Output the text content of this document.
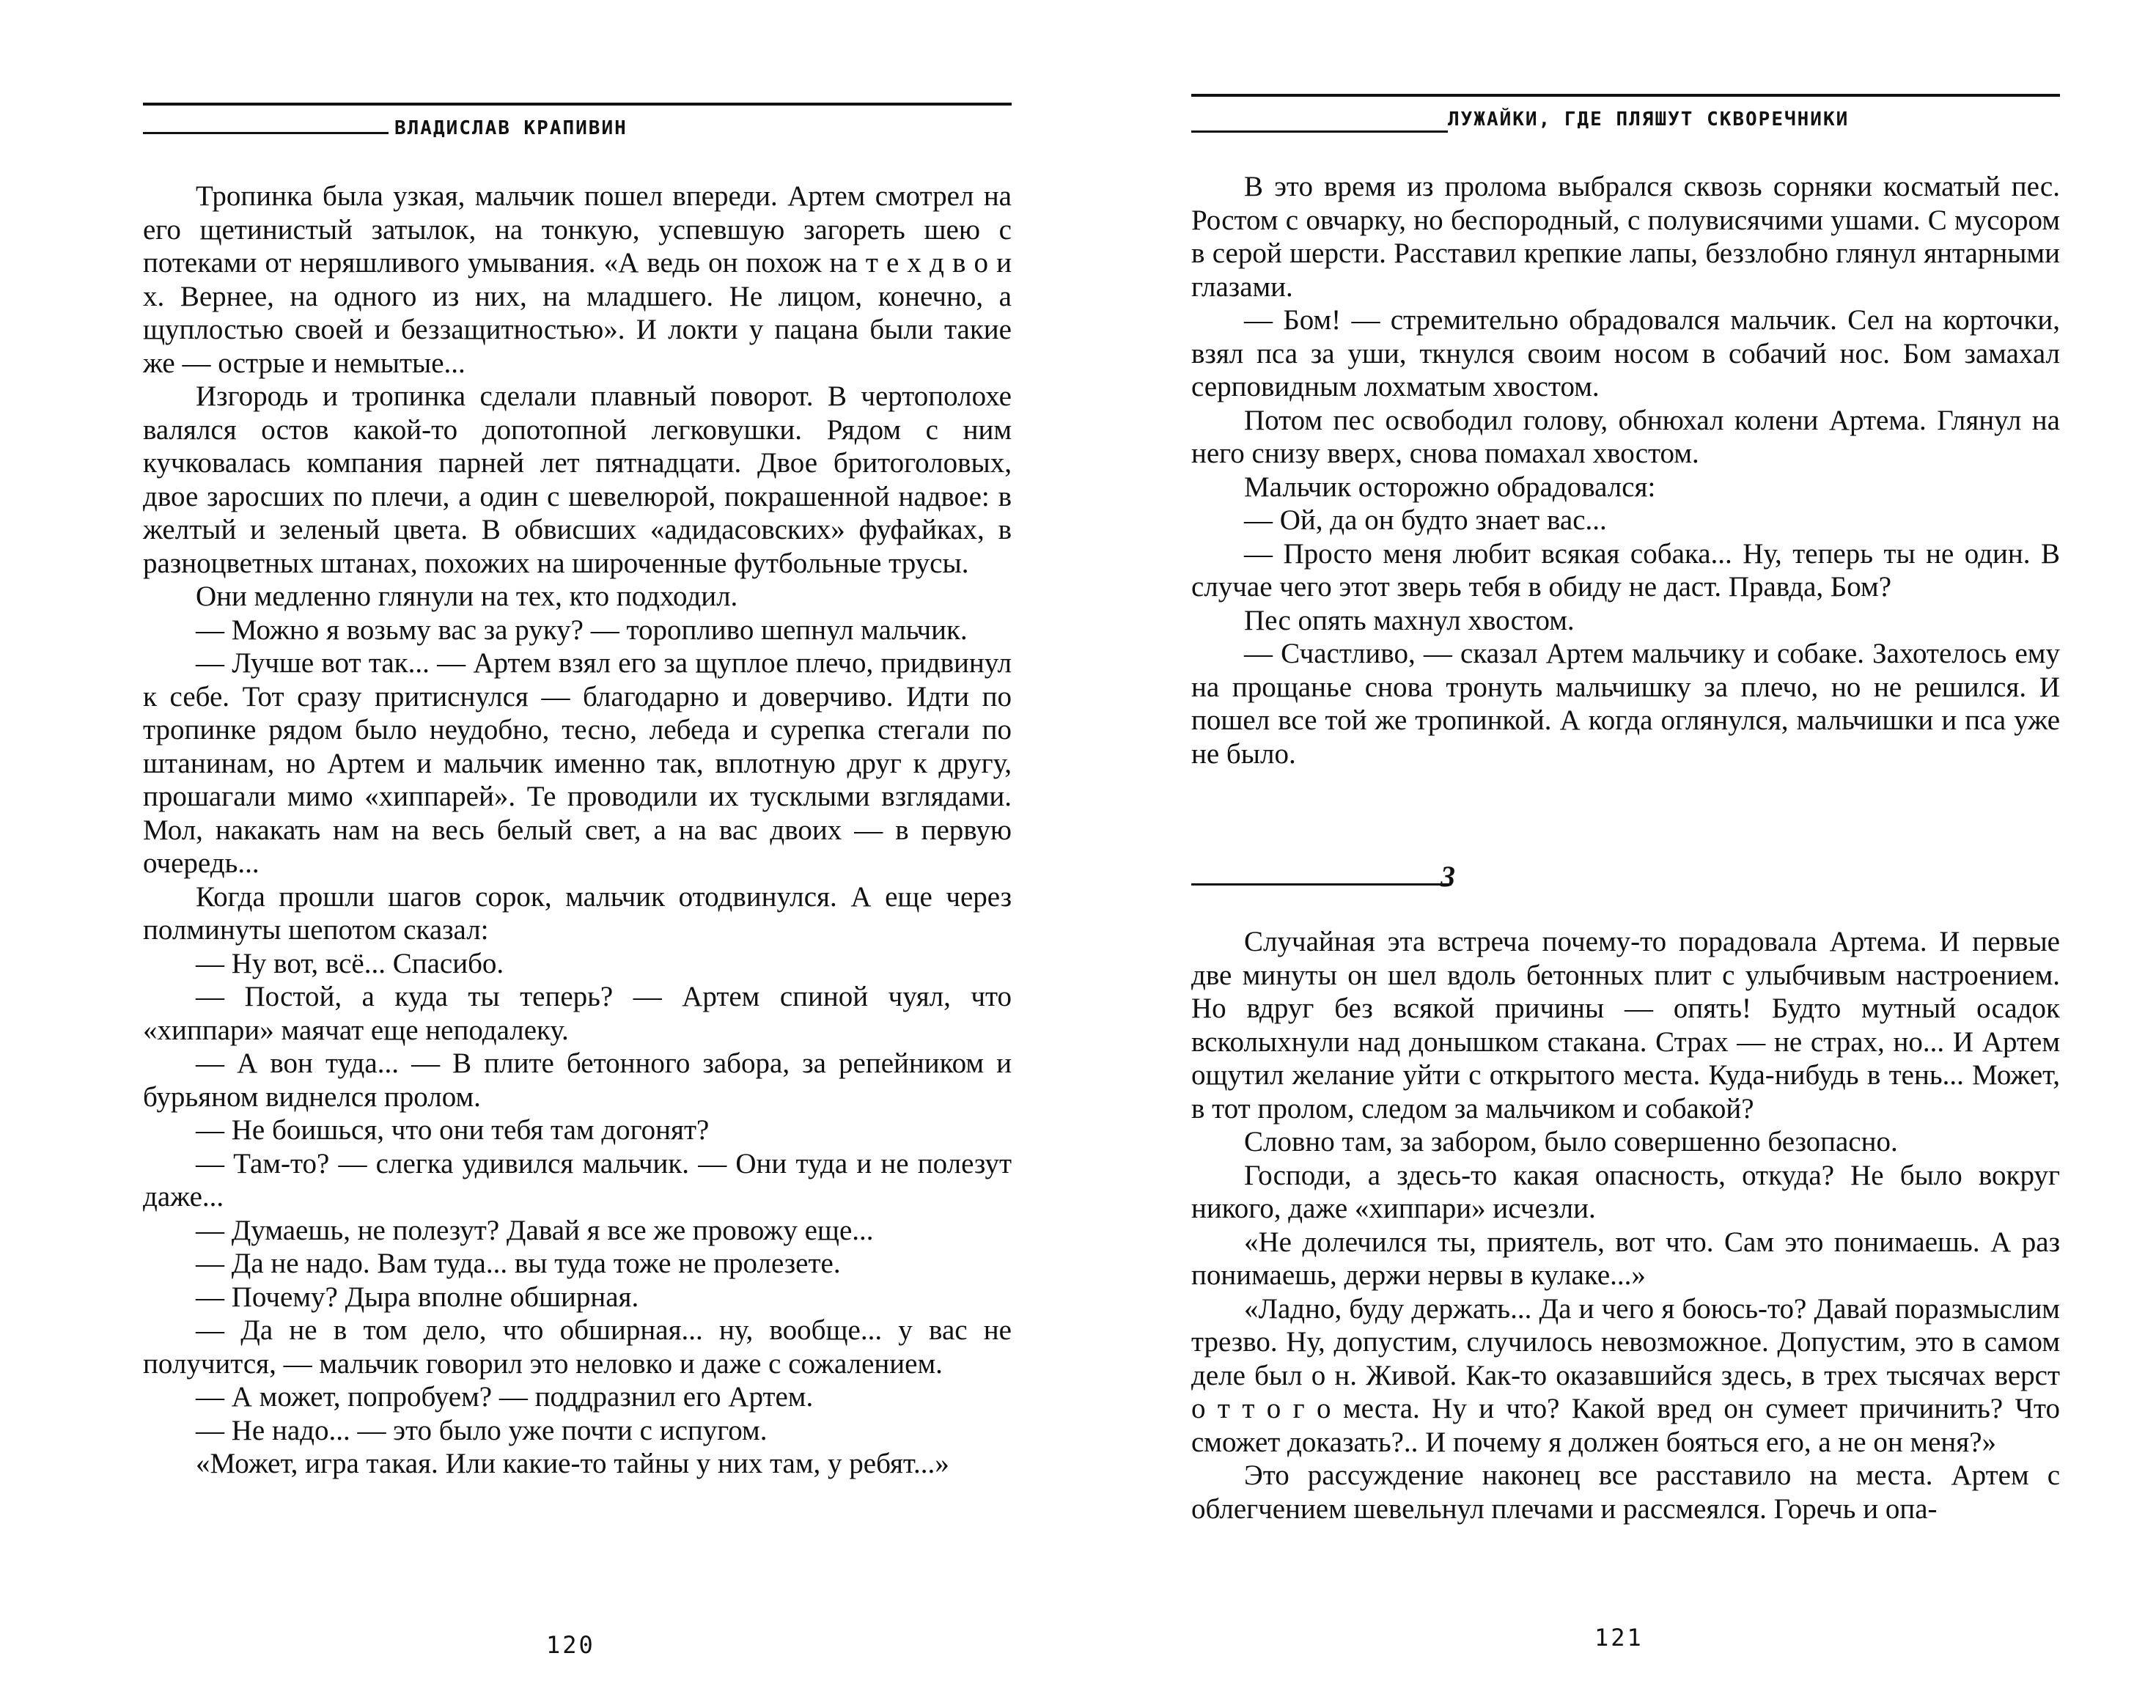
ВЛАДИСЛАВ КРАПИВИН

Тропинка была узкая, мальчик пошел впереди. Артем смотрел на его щетинистый затылок, на тонкую, успевшую загореть шею с потеками от неряшливого умывания. «А ведь он похож на т е х д в о и х. Вернее, на одного из них, на младшего. Не лицом, конечно, а щуплостью своей и беззащитностью». И локти у пацана были такие же — острые и немытые...

Изгородь и тропинка сделали плавный поворот. В чертополохе валялся остов какой-то допотопной легковушки. Рядом с ним кучковалась компания парней лет пятнадцати. Двое бритоголовых, двое заросших по плечи, а один с шевелюрой, покрашенной надвое: в желтый и зеленый цвета. В обвисших «адидасовских» фуфайках, в разноцветных штанах, похожих на широченные футбольные трусы.

Они медленно глянули на тех, кто подходил.

— Можно я возьму вас за руку? — торопливо шепнул мальчик.

— Лучше вот так... — Артем взял его за щуплое плечо, придвинул к себе. Тот сразу притиснулся — благодарно и доверчиво. Идти по тропинке рядом было неудобно, тесно, лебеда и сурепка стегали по штанинам, но Артем и мальчик именно так, вплотную друг к другу, прошагали мимо «хиппарей». Те проводили их тусклыми взглядами. Мол, накакать нам на весь белый свет, а на вас двоих — в первую очередь...

Когда прошли шагов сорок, мальчик отодвинулся. А еще через полминуты шепотом сказал:

— Ну вот, всё... Спасибо.

— Постой, а куда ты теперь? — Артем спиной чуял, что «хиппари» маячат еще неподалеку.

— А вон туда... — В плите бетонного забора, за репейником и бурьяном виднелся пролом.

— Не боишься, что они тебя там догонят?

— Там-то? — слегка удивился мальчик. — Они туда и не полезут даже...

— Думаешь, не полезут? Давай я все же провожу еще...

— Да не надо. Вам туда... вы туда тоже не пролезете.

— Почему? Дыра вполне обширная.

— Да не в том дело, что обширная... ну, вообще... у вас не получится, — мальчик говорил это неловко и даже с сожалением.

— А может, попробуем? — поддразнил его Артем.

— Не надо... — это было уже почти с испугом.

«Может, игра такая. Или какие-то тайны у них там, у ребят...»

120
ЛУЖАЙКИ, ГДЕ ПЛЯШУТ СКВОРЕЧНИКИ

В это время из пролома выбрался сквозь сорняки косматый пес. Ростом с овчарку, но беспородный, с полувисячими ушами. С мусором в серой шерсти. Расставил крепкие лапы, беззлобно глянул янтарными глазами.

— Бом! — стремительно обрадовался мальчик. Сел на корточки, взял пса за уши, ткнулся своим носом в собачий нос. Бом замахал серповидным лохматым хвостом.

Потом пес освободил голову, обнюхал колени Артема. Глянул на него снизу вверх, снова помахал хвостом.

Мальчик осторожно обрадовался:

— Ой, да он будто знает вас...

— Просто меня любит всякая собака... Ну, теперь ты не один. В случае чего этот зверь тебя в обиду не даст. Правда, Бом?

Пес опять махнул хвостом.

— Счастливо, — сказал Артем мальчику и собаке. Захотелось ему на прощанье снова тронуть мальчишку за плечо, но не решился. И пошел все той же тропинкой. А когда оглянулся, мальчишки и пса уже не было.

3

Случайная эта встреча почему-то порадовала Артема. И первые две минуты он шел вдоль бетонных плит с улыбчивым настроением. Но вдруг без всякой причины — опять! Будто мутный осадок всколыхнули над донышком стакана. Страх — не страх, но... И Артем ощутил желание уйти с открытого места. Куда-нибудь в тень... Может, в тот пролом, следом за мальчиком и собакой?

Словно там, за забором, было совершенно безопасно.

Господи, а здесь-то какая опасность, откуда? Не было вокруг никого, даже «хиппари» исчезли.

«Не долечился ты, приятель, вот что. Сам это понимаешь. А раз понимаешь, держи нервы в кулаке...»

«Ладно, буду держать... Да и чего я боюсь-то? Давай поразмыслим трезво. Ну, допустим, случилось невозможное. Допустим, это в самом деле был о н. Живой. Как-то оказавшийся здесь, в трех тысячах верст о т т о г о места. Ну и что? Какой вред он сумеет причинить? Что сможет доказать?.. И почему я должен бояться его, а не он меня?»

Это рассуждение наконец все расставило на места. Артем с облегчением шевельнул плечами и рассмеялся. Горечь и опа-

121
